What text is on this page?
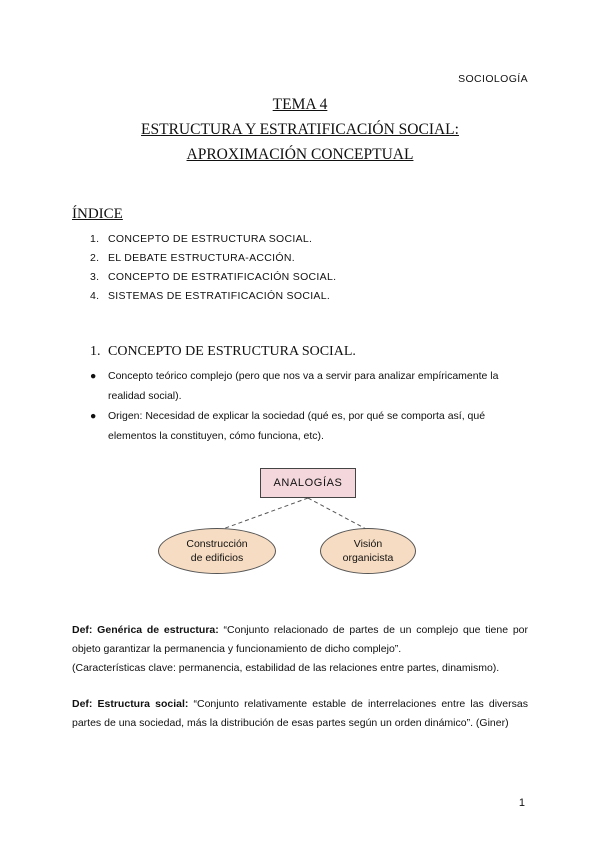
SOCIOLOGÍA

TEMA 4

ESTRUCTURA Y ESTRATIFICACIÓN SOCIAL:

APROXIMACIÓN CONCEPTUAL

ÍNDICE
1. CONCEPTO DE ESTRUCTURA SOCIAL.
2. EL DEBATE ESTRUCTURA-ACCIÓN.
3. CONCEPTO DE ESTRATIFICACIÓN SOCIAL.
4. SISTEMAS DE ESTRATIFICACIÓN SOCIAL.
1. CONCEPTO DE ESTRUCTURA SOCIAL.
● Concepto teórico complejo (pero que nos va a servir para analizar empíricamente la realidad social).
● Origen: Necesidad de explicar la sociedad (qué es, por qué se comporta así, qué elementos la constituyen, cómo funciona, etc).
ANALOGÍAS
Construcción
de edificios
Visión
organicista
Def: Genérica de estructura: “Conjunto relacionado de partes de un complejo que tiene por objeto garantizar la permanencia y funcionamiento de dicho complejo”.
(Características clave: permanencia, estabilidad de las relaciones entre partes, dinamismo).
Def: Estructura social: “Conjunto relativamente estable de interrelaciones entre las diversas partes de una sociedad, más la distribución de esas partes según un orden dinámico”. (Giner)
1
